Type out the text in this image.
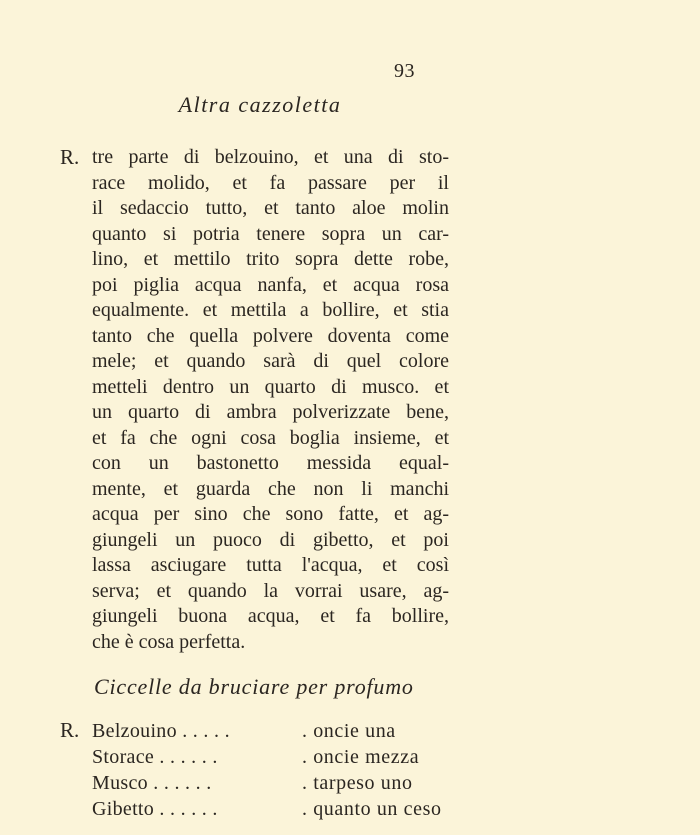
93
Altra cazzoletta
R. tre parte di belzouino, et una di sto-
race molido, et fa passare per il
il sedaccio tutto, et tanto aloe molin
quanto si potria tenere sopra un car-
lino, et mettilo trito sopra dette robe,
poi piglia acqua nanfa, et acqua rosa
equalmente. et mettila a bollire, et stia
tanto che quella polvere doventa come
mele; et quando sarà di quel colore
metteli dentro un quarto di musco. et
un quarto di ambra polverizzate bene,
et fa che ogni cosa boglia insieme, et
con un bastonetto messida equal-
mente, et guarda che non li manchi
acqua per sino che sono fatte, et ag-
giungeli un puoco di gibetto, et poi
lassa asciugare tutta l'acqua, et così
serva; et quando la vorrai usare, ag-
giungeli buona acqua, et fa bollire,
che è cosa perfetta.
Ciccelle da bruciare per profumo
R. Belzouino . . . . .	. oncie una
Storace . . . . . .	. oncie mezza
Musco . . . . . .	. tarpeso uno
Gibetto . . . . . .	. quanto un ceso
